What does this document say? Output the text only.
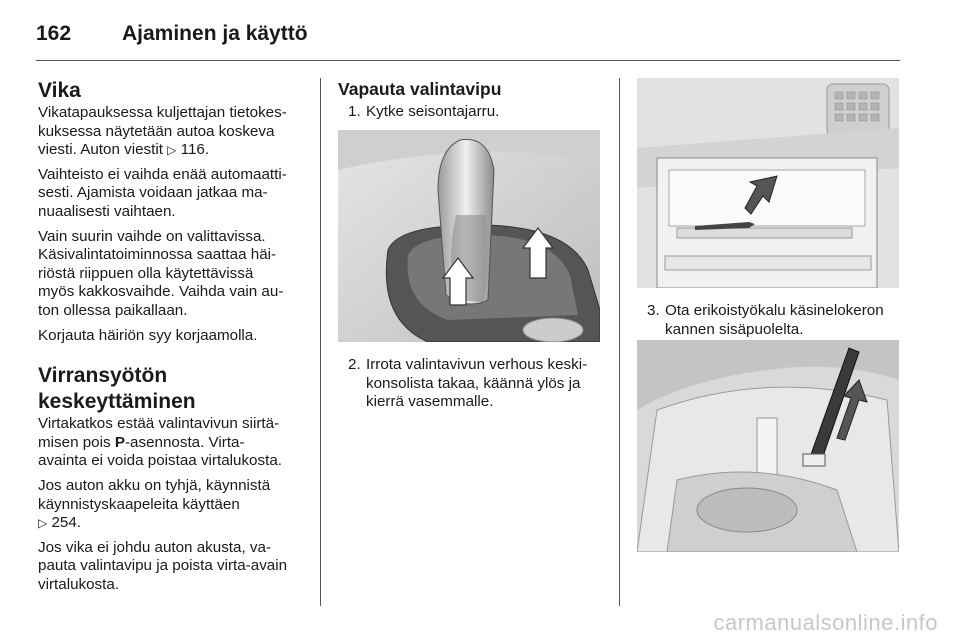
162 Ajaminen ja käyttö
Vika

Vikatapauksessa kuljettajan tietokes-
kuksessa näytetään autoa koskeva
viesti. Auton viestit ▷ 116.

Vaihteisto ei vaihda enää automaatti-
sesti. Ajamista voidaan jatkaa ma-
nuaalisesti vaihtaen.

Vain suurin vaihde on valittavissa.
Käsivalintatoiminnossa saattaa häi-
riöstä riippuen olla käytettävissä
myös kakkosvaihde. Vaihda vain au-
ton ollessa paikallaan.

Korjauta häiriön syy korjaamolla.

Virransyötön
keskeyttäminen

Virtakatkos estää valintavivun siirtä-
misen pois P-asennosta. Virta-
avainta ei voida poistaa virtalukosta.

Jos auton akku on tyhjä, käynnistä
käynnistyskaapeleita käyttäen
▷ 254.

Jos vika ei johdu auton akusta, va-
pauta valintavipu ja poista virta-avain
virtalukosta.

Vapauta valintavipu
1. Kytke seisontajarru.
2. Irrota valintavivun verhous keski-
konsolista takaa, käännä ylös ja
kierrä vasemmalle.
3. Ota erikoistyökalu käsinelokeron
kannen sisäpuolelta.
carmanualsonline.info
